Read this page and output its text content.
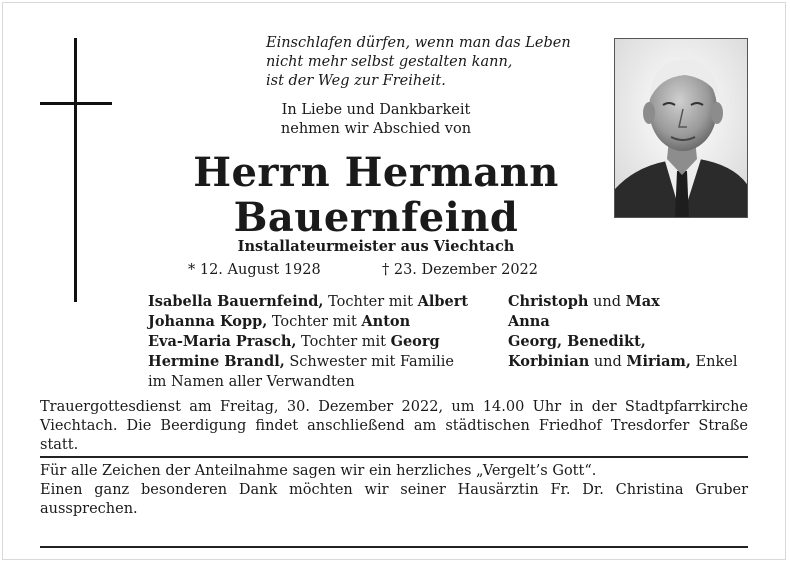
Einschlafen dürfen, wenn man das Leben
nicht mehr selbst gestalten kann,
ist der Weg zur Freiheit.
In Liebe und Dankbarkeit
nehmen wir Abschied von
Herrn Hermann
Bauernfeind
Installateurmeister aus Viechtach
* 12. August 1928	† 23. Dezember 2022
Isabella Bauernfeind, Tochter mit Albert
Johanna Kopp, Tochter mit Anton
Eva-Maria Prasch, Tochter mit Georg
Hermine Brandl, Schwester mit Familie
im Namen aller Verwandten
Christoph und Max
Anna
Georg, Benedikt,
Korbinian und Miriam, Enkel
Trauergottesdienst am Freitag, 30. Dezember 2022, um 14.00 Uhr in der Stadtpfarrkirche Viechtach. Die Beerdigung findet anschließend am städtischen Friedhof Tresdorfer Straße statt.
Für alle Zeichen der Anteilnahme sagen wir ein herzliches „Vergelt’s Gott“.
Einen ganz besonderen Dank möchten wir seiner Hausärztin Fr. Dr. Christina Gruber aussprechen.
